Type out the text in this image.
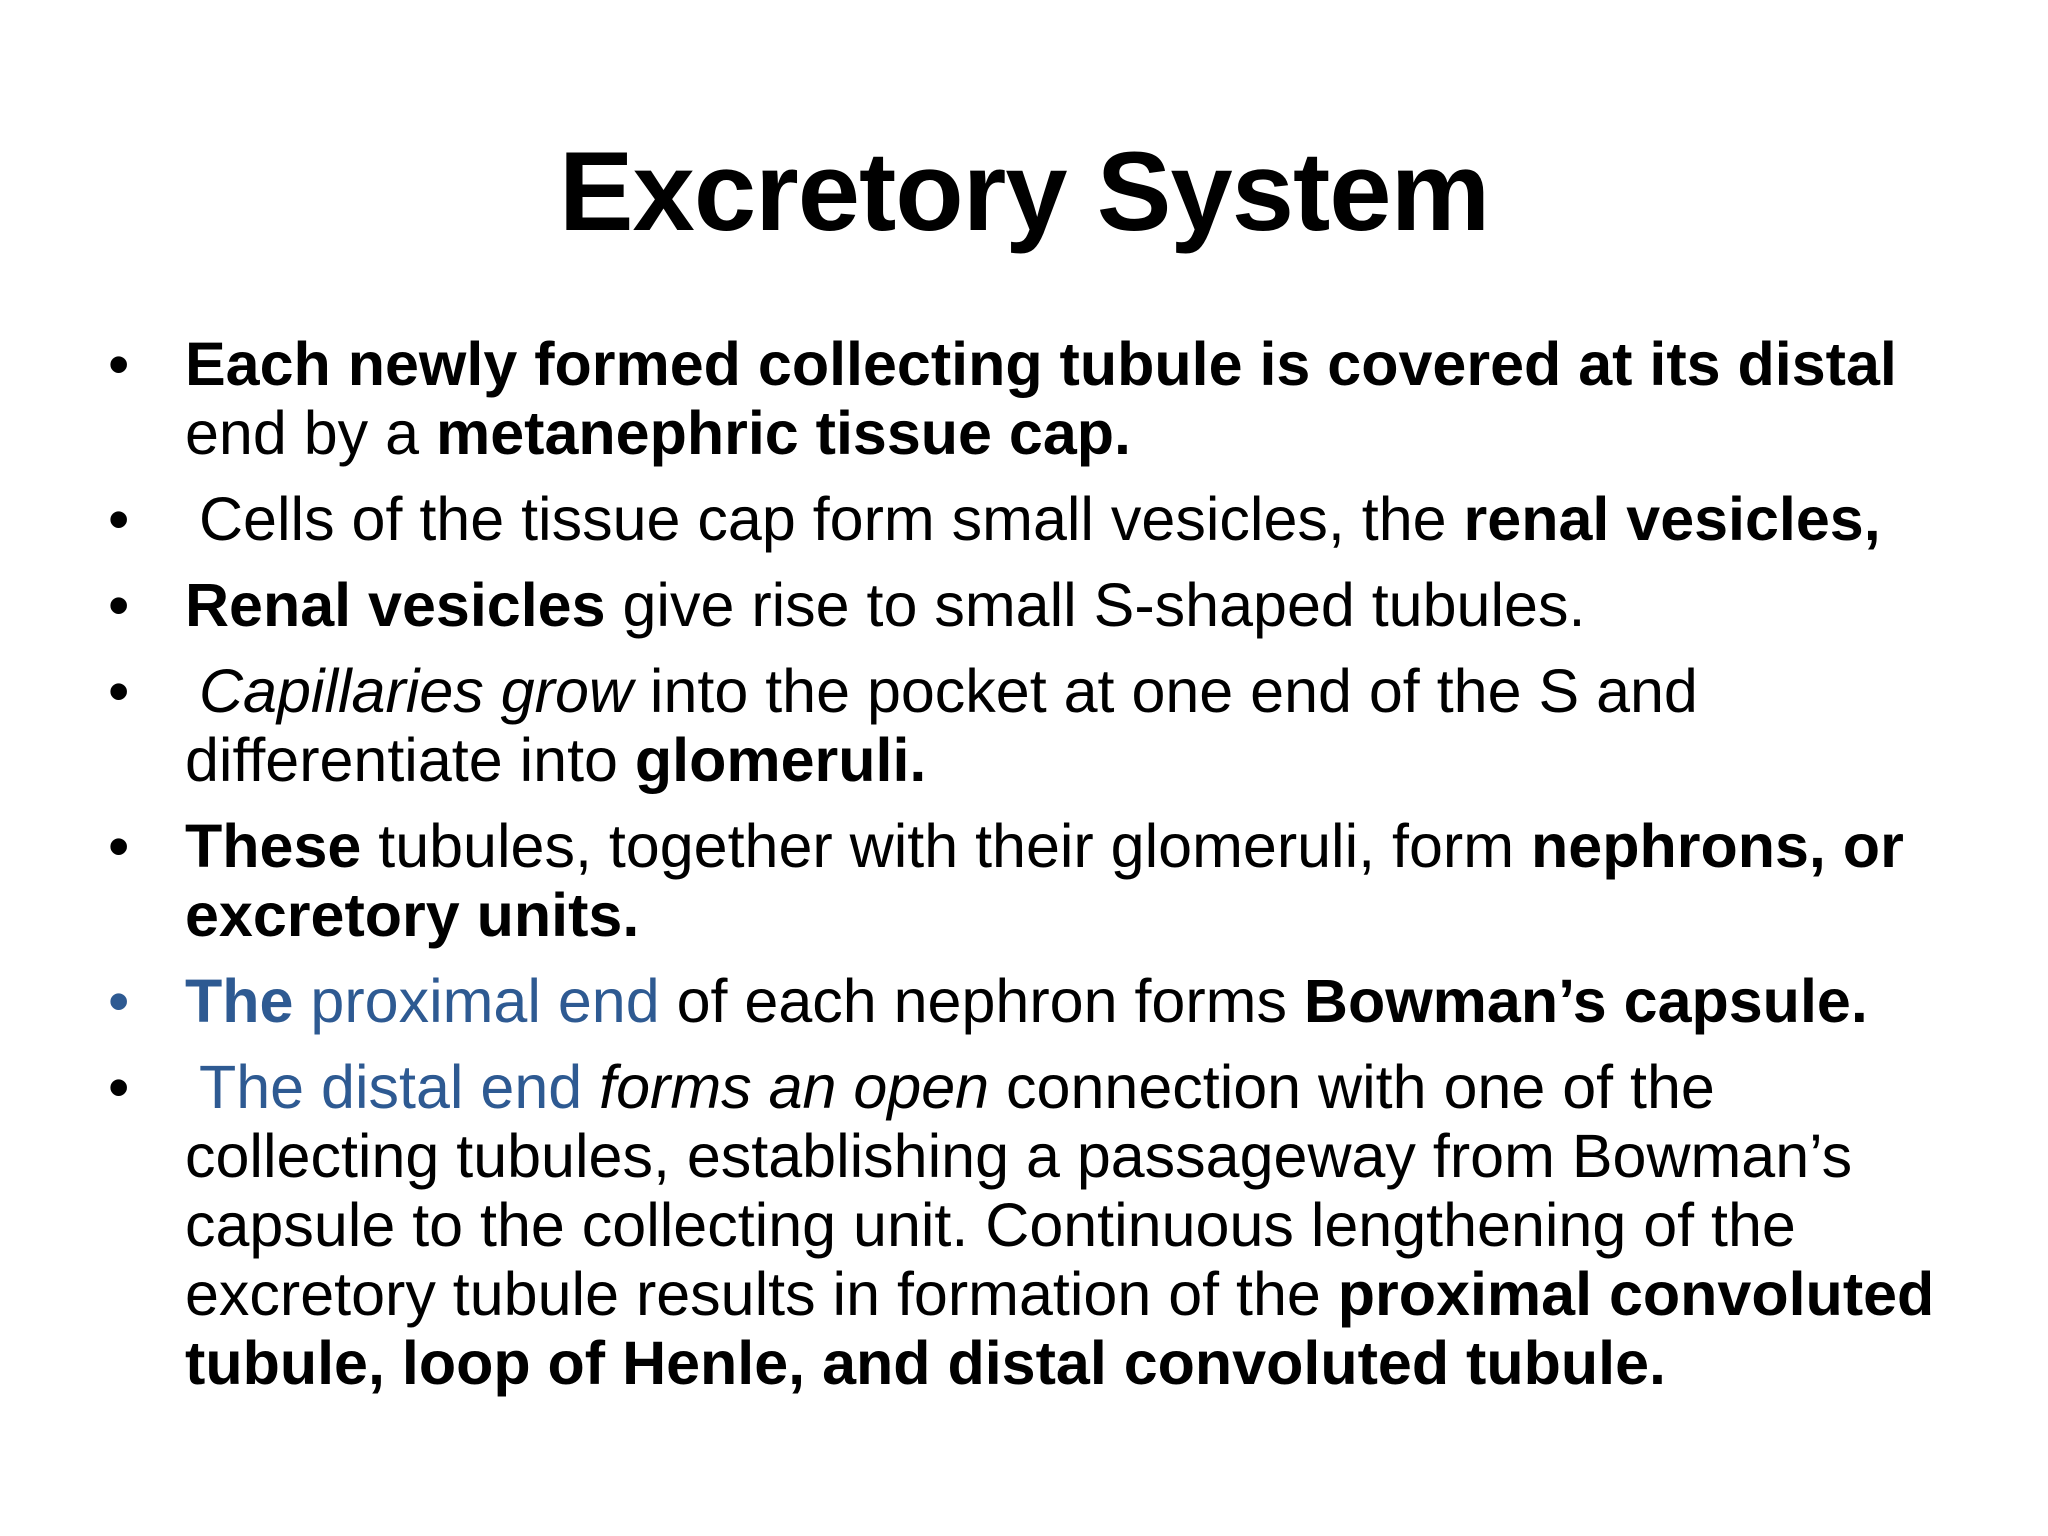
Excretory System
• Each newly formed collecting tubule is covered at its distal end by a metanephric tissue cap.
•	Cells of the tissue cap form small vesicles, the renal vesicles,
• Renal vesicles give rise to small S-shaped tubules.
•	Capillaries grow into the pocket at one end of the S and differentiate into glomeruli.
• These tubules, together with their glomeruli, form nephrons, or excretory units.
• The proximal end of each nephron forms Bowman’s capsule.
•	The distal end forms an open connection with one of the collecting tubules, establishing a passageway from Bowman’s capsule to the collecting unit. Continuous lengthening of the excretory tubule results in formation of the proximal convoluted tubule, loop of Henle, and distal convoluted tubule.
